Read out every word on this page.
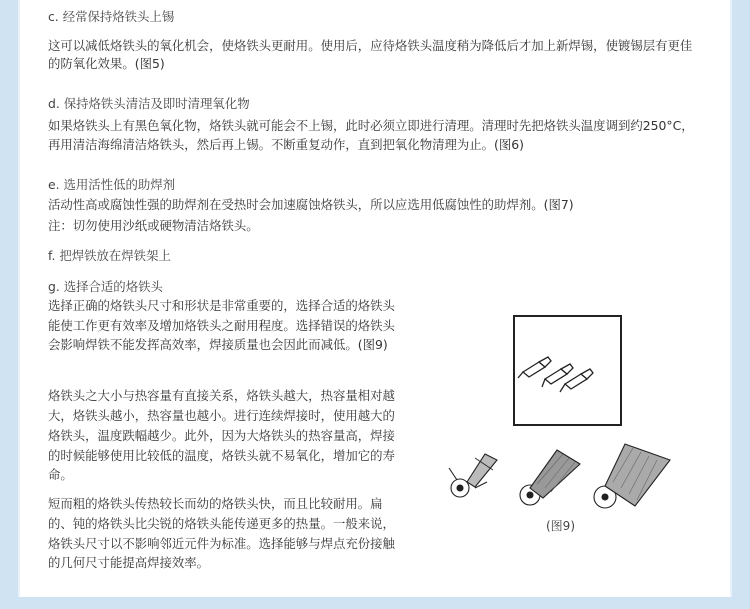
c. 经常保持烙铁头上锡
这可以减低烙铁头的氧化机会，使烙铁头更耐用。使用后，应待烙铁头温度稍为降低后才加上新焊锡，使镀锡层有更佳
的防氧化效果。(图5)
d. 保持烙铁头清洁及即时清理氧化物
如果烙铁头上有黑色氧化物，烙铁头就可能会不上锡，此时必须立即进行清理。清理时先把烙铁头温度调到约250°C，
再用清洁海绵清洁烙铁头，然后再上锡。不断重复动作，直到把氧化物清理为止。(图6)
e. 选用活性低的助焊剂
活动性高或腐蚀性强的助焊剂在受热时会加速腐蚀烙铁头，所以应选用低腐蚀性的助焊剂。(图7)
注：切勿使用沙纸或硬物清洁烙铁头。
f. 把焊铁放在焊铁架上
g. 选择合适的烙铁头
选择正确的烙铁头尺寸和形状是非常重要的，选择合适的烙铁头
能使工作更有效率及增加烙铁头之耐用程度。选择错误的烙铁头
会影响焊铁不能发挥高效率，焊接质量也会因此而减低。(图9)
烙铁头之大小与热容量有直接关系，烙铁头越大，热容量相对越
大，烙铁头越小，热容量也越小。进行连续焊接时，使用越大的
烙铁头，温度跌幅越少。此外，因为大烙铁头的热容量高，焊接
的时候能够使用比较低的温度，烙铁头就不易氧化，增加它的寿
命。
短而粗的烙铁头传热较长而幼的烙铁头快，而且比较耐用。扁
的、钝的烙铁头比尖锐的烙铁头能传递更多的热量。一般来说，
烙铁头尺寸以不影响邻近元件为标准。选择能够与焊点充份接触
的几何尺寸能提高焊接效率。
(图9)
